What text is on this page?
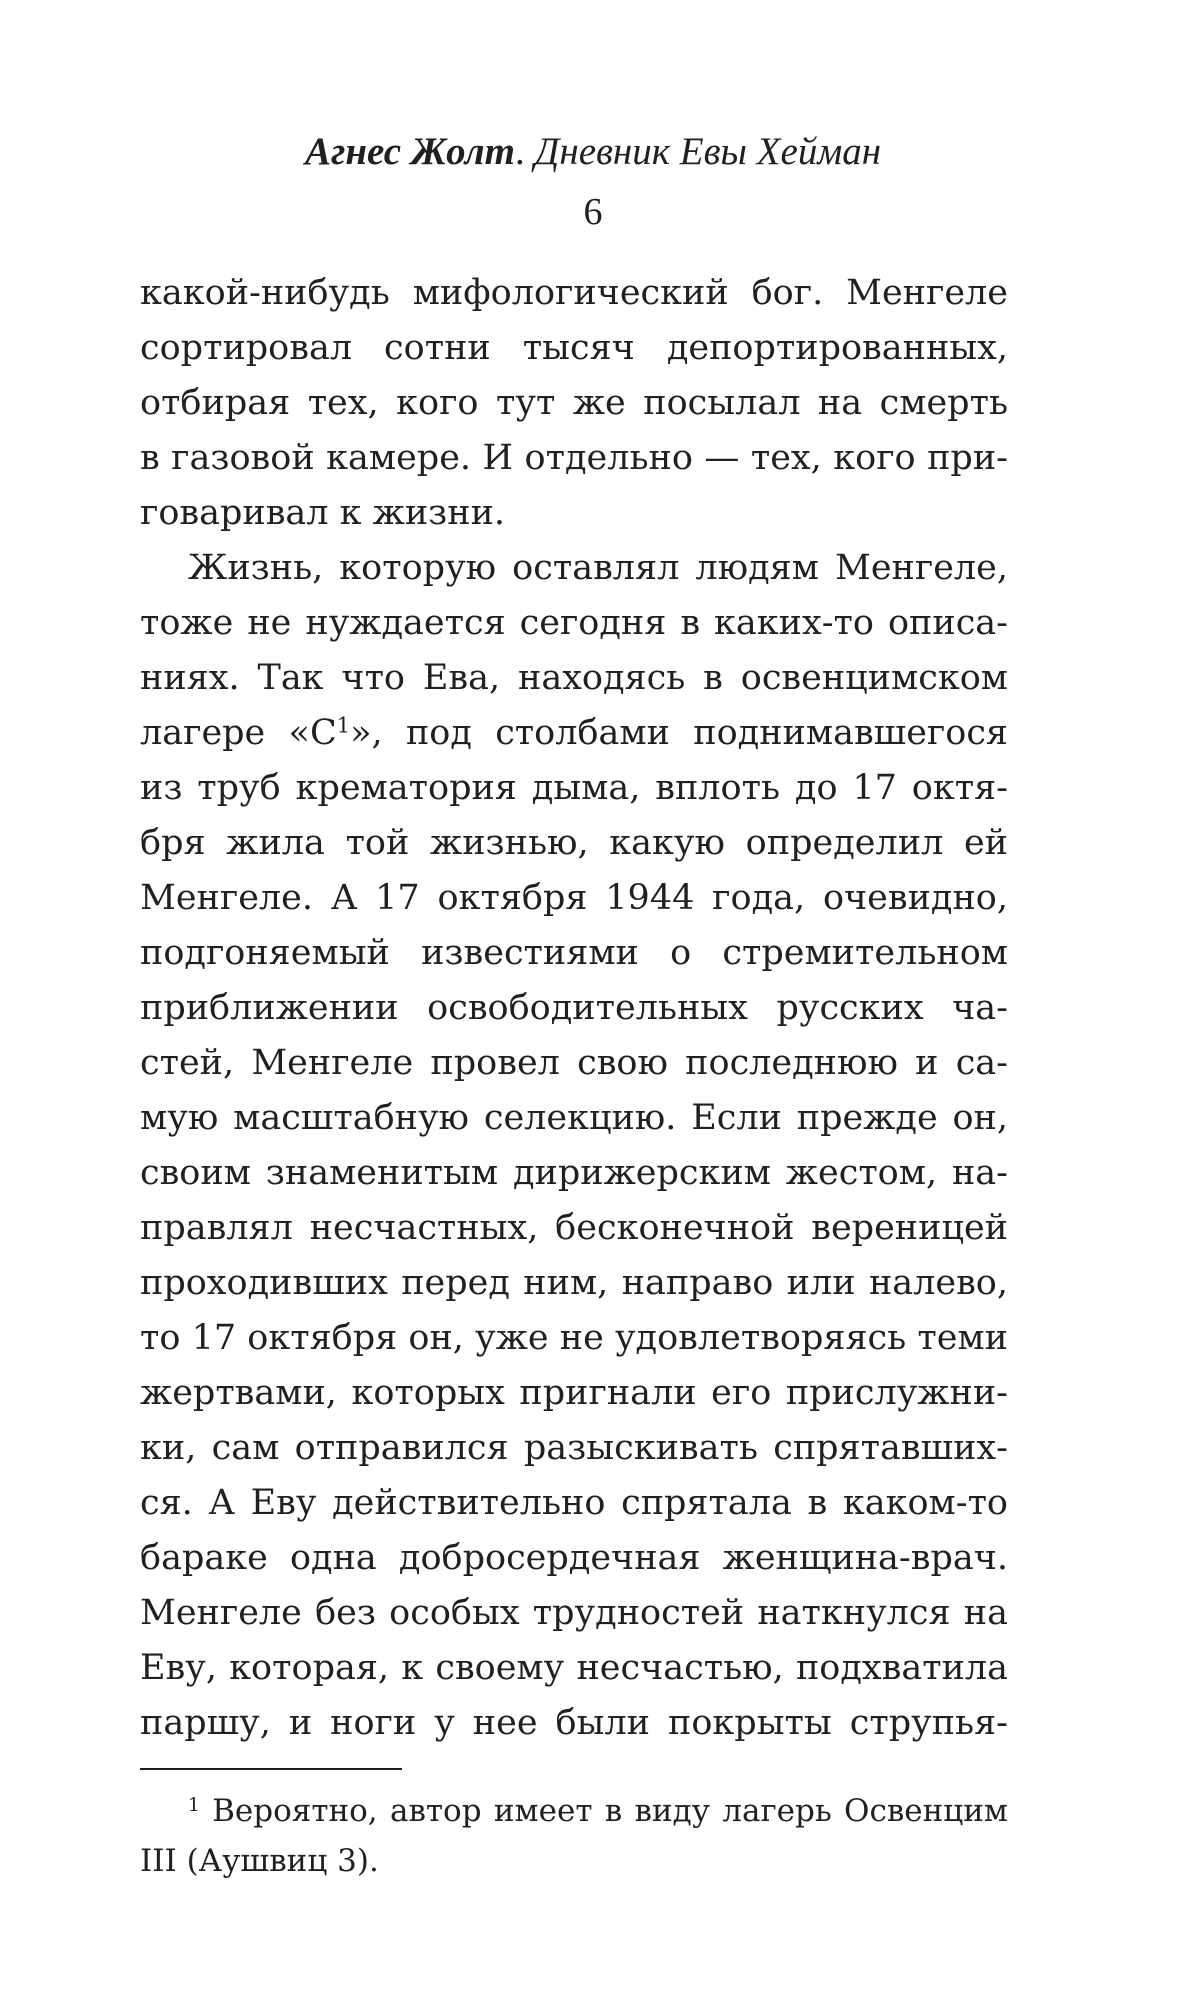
Агнес Жолт. Дневник Евы Хейман
6
какой-нибудь мифологический бог. Менгеле
сортировал сотни тысяч депортированных,
отбирая тех, кого тут же посылал на смерть
в газовой камере. И отдельно — тех, кого при-
говаривал к жизни.
Жизнь, которую оставлял людям Менгеле,
тоже не нуждается сегодня в каких-то описа-
ниях. Так что Ева, находясь в освенцимском
лагере «$С^1$», под столбами поднимавшегося
из труб крематория дыма, вплоть до 17 октя-
бря жила той жизнью, какую определил ей
Менгеле. А 17 октября 1944 года, очевидно,
подгоняемый известиями о стремительном
приближении освободительных русских ча-
стей, Менгеле провел свою последнюю и са-
мую масштабную селекцию. Если прежде он,
своим знаменитым дирижерским жестом, на-
правлял несчастных, бесконечной вереницей
проходивших перед ним, направо или налево,
то 17 октября он, уже не удовлетворяясь теми
жертвами, которых пригнали его прислужни-
ки, сам отправился разыскивать спрятавших-
ся. А Еву действительно спрятала в каком-то
бараке одна добросердечная женщина-врач.
Менгеле без особых трудностей наткнулся на
Еву, которая, к своему несчастью, подхватила
паршу, и ноги у нее были покрыты струпья-
$^1$ Вероятно, автор имеет в виду лагерь Освенцим
III (Аушвиц 3).
